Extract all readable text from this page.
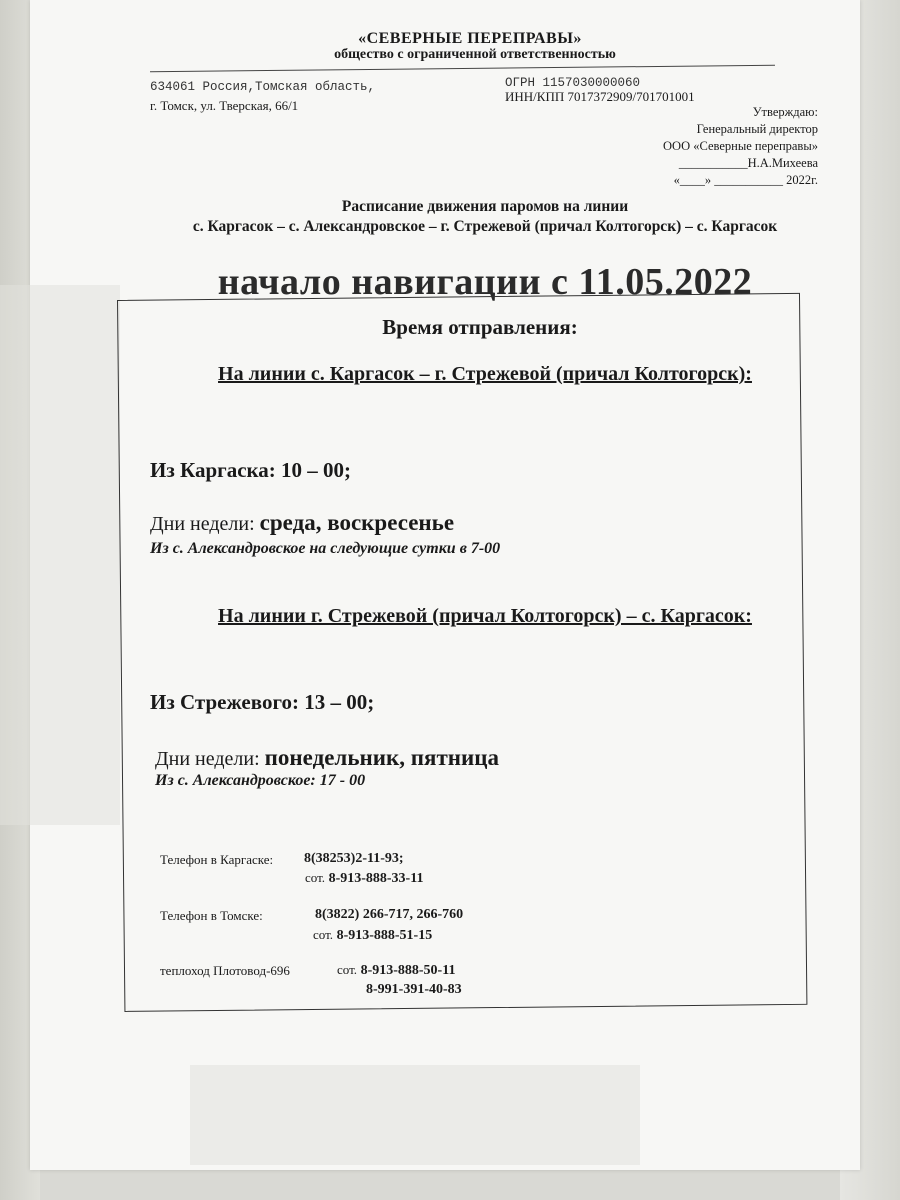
«СЕВЕРНЫЕ ПЕРЕПРАВЫ»
общество с ограниченной ответственностью
634061 Россия,Томская область,
г. Томск, ул. Тверская, 66/1
ОГРН 1157030000060
ИНН/КПП 7017372909/701701001
Утверждаю:
Генеральный директор
ООО «Северные переправы»
___________Н.А.Михеева
«____» ___________ 2022г.
Расписание движения паромов на линии
с. Каргасок – с. Александровское – г. Стрежевой (причал Колтогорск) – с. Каргасок
начало навигации с 11.05.2022
Время отправления:
На линии с. Каргасок – г. Стрежевой (причал Колтогорск):
Из Каргаска: 10 – 00;
Дни недели: среда, воскресенье
Из с. Александровское на следующие сутки в 7-00
На линии г. Стрежевой (причал Колтогорск) – с. Каргасок:
Из Стрежевого: 13 – 00;
Дни недели: понедельник, пятница
Из с. Александровское: 17 - 00
Телефон в Каргаске: 8(38253)2-11-93;
сот. 8-913-888-33-11
Телефон в Томске:	8(3822) 266-717, 266-760
сот. 8-913-888-51-15
теплоход Плотовод-696	сот. 8-913-888-50-11
8-991-391-40-83
